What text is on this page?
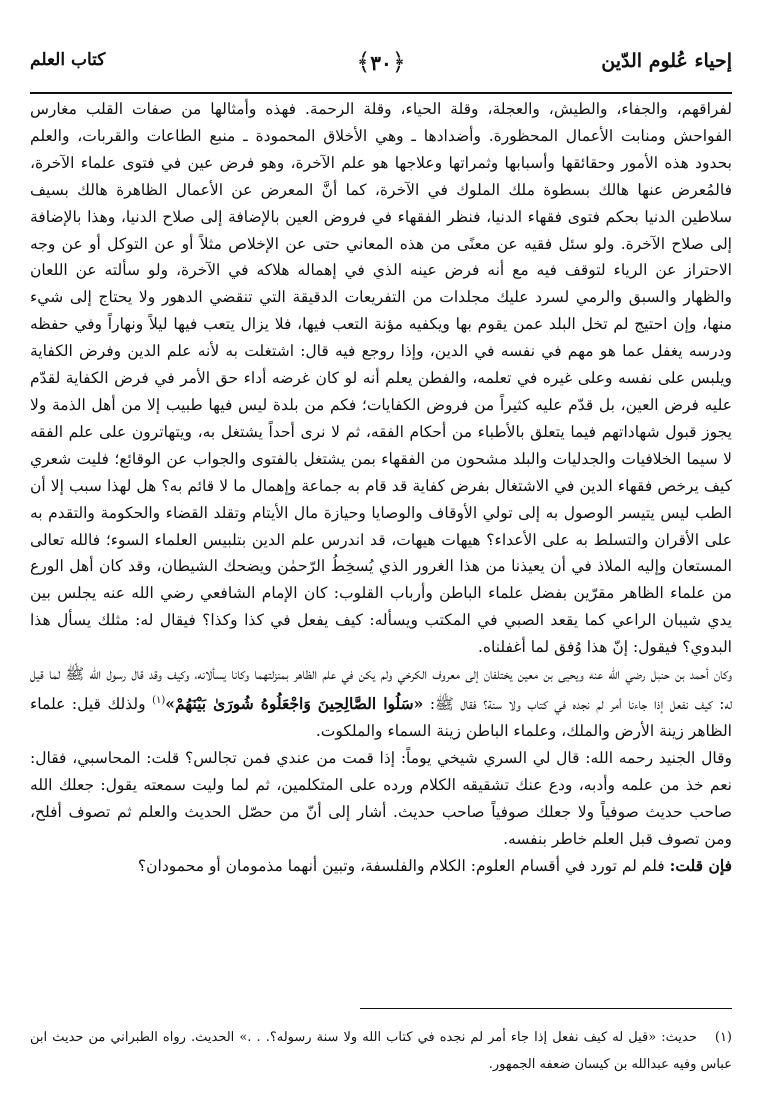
إحياء عُلوم الدّين
﴿٣٠﴾
كتاب العلم

لفراقهم، والجفاء، والطيش، والعجلة، وقلة الحياء، وقلة الرحمة. فهذه وأمثالها من صفات القلب مغارس الفواحش ومنابت الأعمال المحظورة. وأضدادها ـ وهي الأخلاق المحمودة ـ منبع الطاعات والقربات، والعلم بحدود هذه الأمور وحقائقها وأسبابها وثمراتها وعلاجها هو علم الآخرة، وهو فرض عين في فتوى علماء الآخرة، فالمُعرض عنها هالك بسطوة ملك الملوك في الآخرة، كما أنَّ المعرض عن الأعمال الظاهرة هالك بسيف سلاطين الدنيا بحكم فتوى فقهاء الدنيا، فنظر الفقهاء في فروض العين بالإضافة إلى صلاح الدنيا، وهذا بالإضافة إلى صلاح الآخرة. ولو سئل فقيه عن معنًى من هذه المعاني حتى عن الإخلاص مثلاً أو عن التوكل أو عن وجه الاحتراز عن الرياء لتوقف فيه مع أنه فرض عينه الذي في إهماله هلاكه في الآخرة، ولو سألته عن اللعان والظهار والسبق والرمي لسرد عليك مجلدات من التفريعات الدقيقة التي تنقضي الدهور ولا يحتاج إلى شيء منها، وإن احتيج لم تخل البلد عمن يقوم بها ويكفيه مؤنة التعب فيها، فلا يزال يتعب فيها ليلاً ونهاراً وفي حفظه ودرسه يغفل عما هو مهم في نفسه في الدين، وإذا روجع فيه قال: اشتغلت به لأنه علم الدين وفرض الكفاية ويلبس على نفسه وعلى غيره في تعلمه، والفطن يعلم أنه لو كان غرضه أداء حق الأمر في فرض الكفاية لقدّم عليه فرض العين، بل قدّم عليه كثيراً من فروض الكفايات؛ فكم من بلدة ليس فيها طبيب إلا من أهل الذمة ولا يجوز قبول شهاداتهم فيما يتعلق بالأطباء من أحكام الفقه، ثم لا نرى أحداً يشتغل به، ويتهاترون على علم الفقه لا سيما الخلافيات والجدليات والبلد مشحون من الفقهاء بمن يشتغل بالفتوى والجواب عن الوقائع؛ فليت شعري كيف يرخص فقهاء الدين في الاشتغال بفرض كفاية قد قام به جماعة وإهمال ما لا قائم به؟ هل لهذا سبب إلا أن الطب ليس يتيسر الوصول به إلى تولي الأوقاف والوصايا وحيازة مال الأيتام وتقلد القضاء والحكومة والتقدم به على الأقران والتسلط به على الأعداء؟ هيهات هيهات، قد اندرس علم الدين بتلبيس العلماء السوء؛ فالله تعالى المستعان وإليه الملاذ في أن يعيذنا من هذا الغرور الذي يُسخِطُ الرّحمٰن ويضحك الشيطان، وقد كان أهل الورع من علماء الظاهر مقرّين بفضل علماء الباطن وأرباب القلوب: كان الإمام الشافعي رضي الله عنه يجلس بين يدي شيبان الراعي كما يقعد الصبي في المكتب ويسأله: كيف يفعل في كذا وكذا؟ فيقال له: مثلك يسأل هذا البدوي؟ فيقول: إنّ هذا وُفق لما أغفلناه.

وكان أحمد بن حنبل رضي الله عنه ويحيى بن معين يختلفان إلى معروف الكرخي ولم يكن في علم الظاهر بمنزلتهما وكانا يسألانه، وكيف وقد قال رسول الله ﷺ لما قيل له: كيف نفعل إذا جاءنا أمر لم نجده في كتاب ولا سنة؟ فقال ﷺ: «سَلُوا الصَّالِحِينَ وَاجْعَلُوهُ شُورَىٰ بَيْنَهُمْ»$^{(١)}$ ولذلك قيل: علماء الظاهر زينة الأرض والملك، وعلماء الباطن زينة السماء والملكوت.

وقال الجنيد رحمه الله: قال لي السري شيخي يوماً: إذا قمت من عندي فمن تجالس؟ قلت: المحاسبي، فقال: نعم خذ من علمه وأدبه، ودع عنك تشقيقه الكلام ورده على المتكلمين، ثم لما وليت سمعته يقول: جعلك الله صاحب حديث صوفياً ولا جعلك صوفياً صاحب حديث. أشار إلى أنّ من حصّل الحديث والعلم ثم تصوف أفلح، ومن تصوف قبل العلم خاطر بنفسه.

فإن قلت: فلم لم تورد في أقسام العلوم: الكلام والفلسفة، وتبين أنهما مذمومان أو محمودان؟

(١)حديث: «قيل له كيف نفعل إذا جاء أمر لم نجده في كتاب الله ولا سنة رسوله؟. . .» الحديث. رواه الطبراني من حديث ابن عباس وفيه عبدالله بن كيسان ضعفه الجمهور.
